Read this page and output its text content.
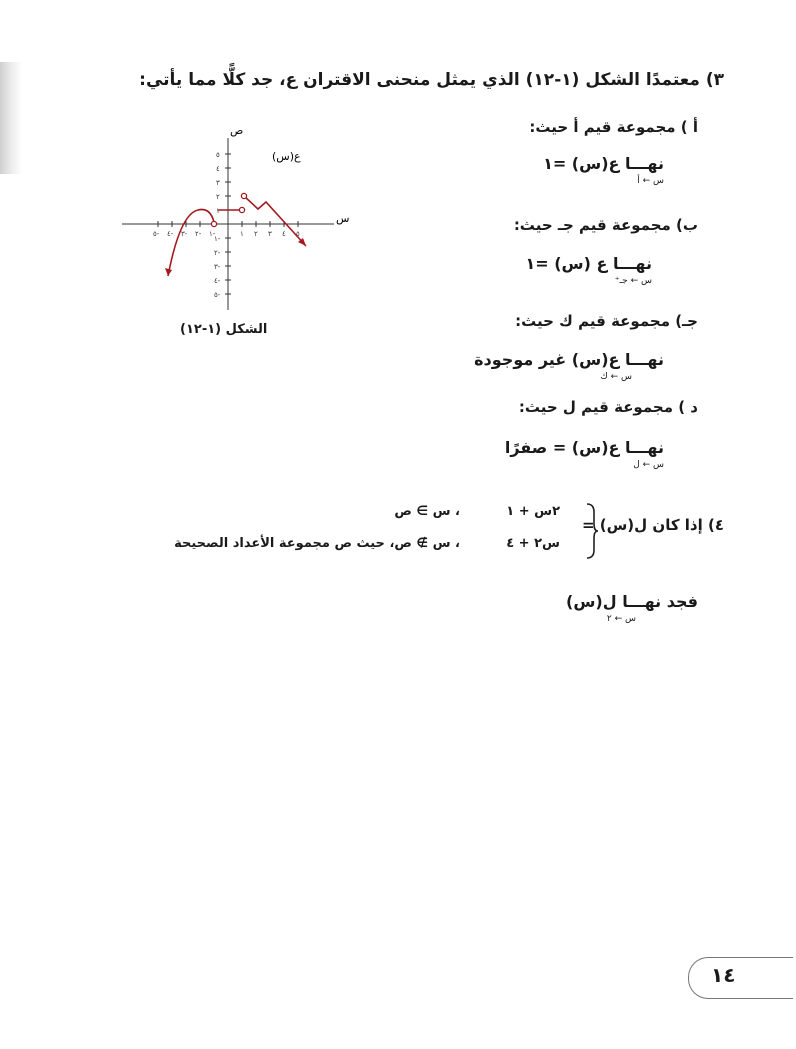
٣) معتمدًا الشكل (١-١٢) الذي يمثل منحنى الاقتران ع، جد كلًّا مما يأتي:
أ ) مجموعة قيم أ حيث:
نهـــا ع(س) =١
س ← أ
ب) مجموعة قيم جـ حيث:
نهـــا ع (س) =١
س ← جـ⁺
جـ) مجموعة قيم ك حيث:
نهـــا ع(س) غير موجودة
س ← ك
د ) مجموعة قيم ل حيث:
نهـــا ع(س) = صفرًا
س ← ل
ص
س
ع(س)
٥
٤
٣
٢
١
١-
٢-
٣-
٤-
٥-
١ ٢ ٣ ٤ ٥
١-
٢-
٣-
٤-
٥-
الشكل (١-١٢)
٤) إذا كان ل(س) =
٢س + ١
، س ∋ ص
س٢ + ٤
، س ∌ ص، حيث ص مجموعة الأعداد الصحيحة
فجد نهـــا ل(س)
س ← ٢
١٤
